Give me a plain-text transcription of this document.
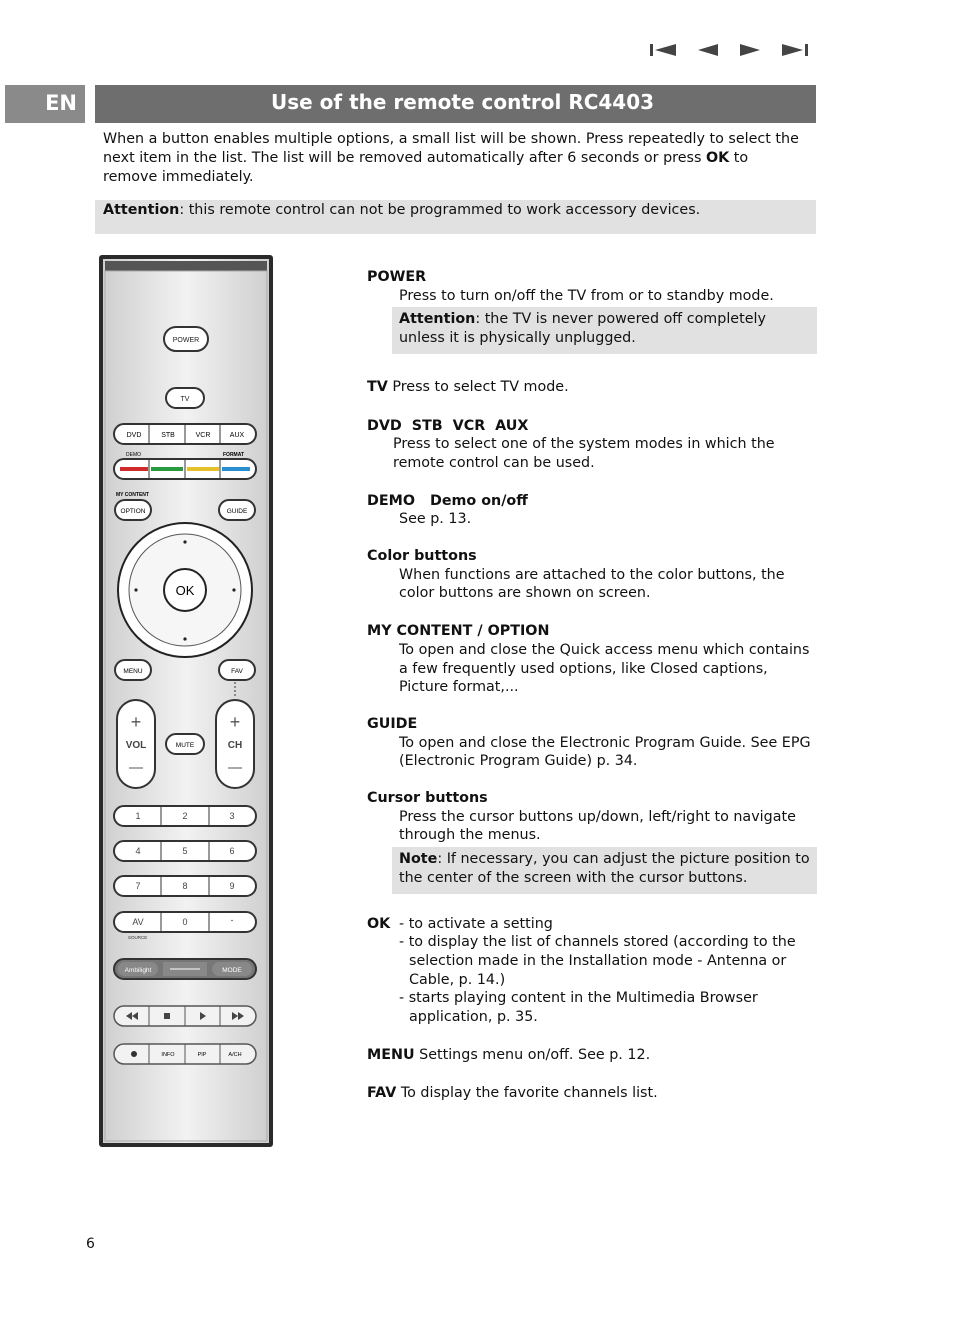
EN	Use of the remote control RC4403

When a button enables multiple options, a small list will be shown. Press repeatedly to select the next item in the list. The list will be removed automatically after 6 seconds or press OK to remove immediately.

Attention: this remote control can not be programmed to work accessory devices.

POWER
TV
DVD	STB	VCR	AUX
DEMO	FORMAT
MY CONTENT
OPTION	GUIDE
OK
MENU	FAV
+
VOL	MUTE
+
CH
1	2	3
4	5	6
7	8	9
AV	0	-
SOURCE
Ambilight	MODE
INFO	PIP	A/CH
POWER
Press to turn on/off the TV from or to standby mode.
Attention: the TV is never powered off completely unless it is physically unplugged.
TV Press to select TV mode.
DVD  STB  VCR  AUX
Press to select one of the system modes in which the remote control can be used.
DEMO   Demo on/off
See p. 13.
Color buttons
When functions are attached to the color buttons, the color buttons are shown on screen.
MY CONTENT / OPTION
To open and close the Quick access menu which contains a few frequently used options, like Closed captions, Picture format,...
GUIDE
To open and close the Electronic Program Guide. See EPG (Electronic Program Guide) p. 34.
Cursor buttons
Press the cursor buttons up/down, left/right to navigate through the menus.
Note: If necessary, you can adjust the picture position to the center of the screen with the cursor buttons.
OK - to activate a setting
- to display the list of channels stored (according to the selection made in the Installation mode - Antenna or Cable, p. 14.)
- starts playing content in the Multimedia Browser application, p. 35.
MENU Settings menu on/off. See p. 12.
FAV To display the favorite channels list.
6
